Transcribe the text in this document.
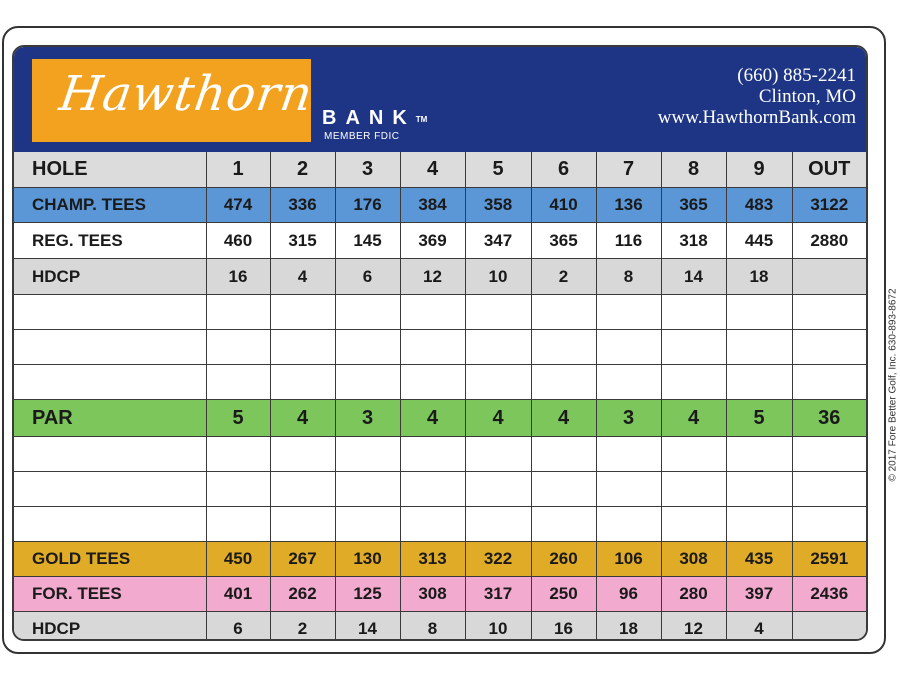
Hawthorn BANK™
MEMBER FDIC
(660) 885-2241
Clinton, MO
www.HawthornBank.com
HOLE	1	2	3	4	5	6	7	8	9	OUT
CHAMP. TEES	474	336	176	384	358	410	136	365	483	3122
REG. TEES	460	315	145	369	347	365	116	318	445	2880
HDCP	16	4	6	12	10	2	8	14	18	

PAR	5	4	3	4	4	4	3	4	5	36

GOLD TEES	450	267	130	313	322	260	106	308	435	2591
FOR. TEES	401	262	125	308	317	250	96	280	397	2436
HDCP	6	2	14	8	10	16	18	12	4	
© 2017 Fore Better Golf, Inc. 630-893-8672
